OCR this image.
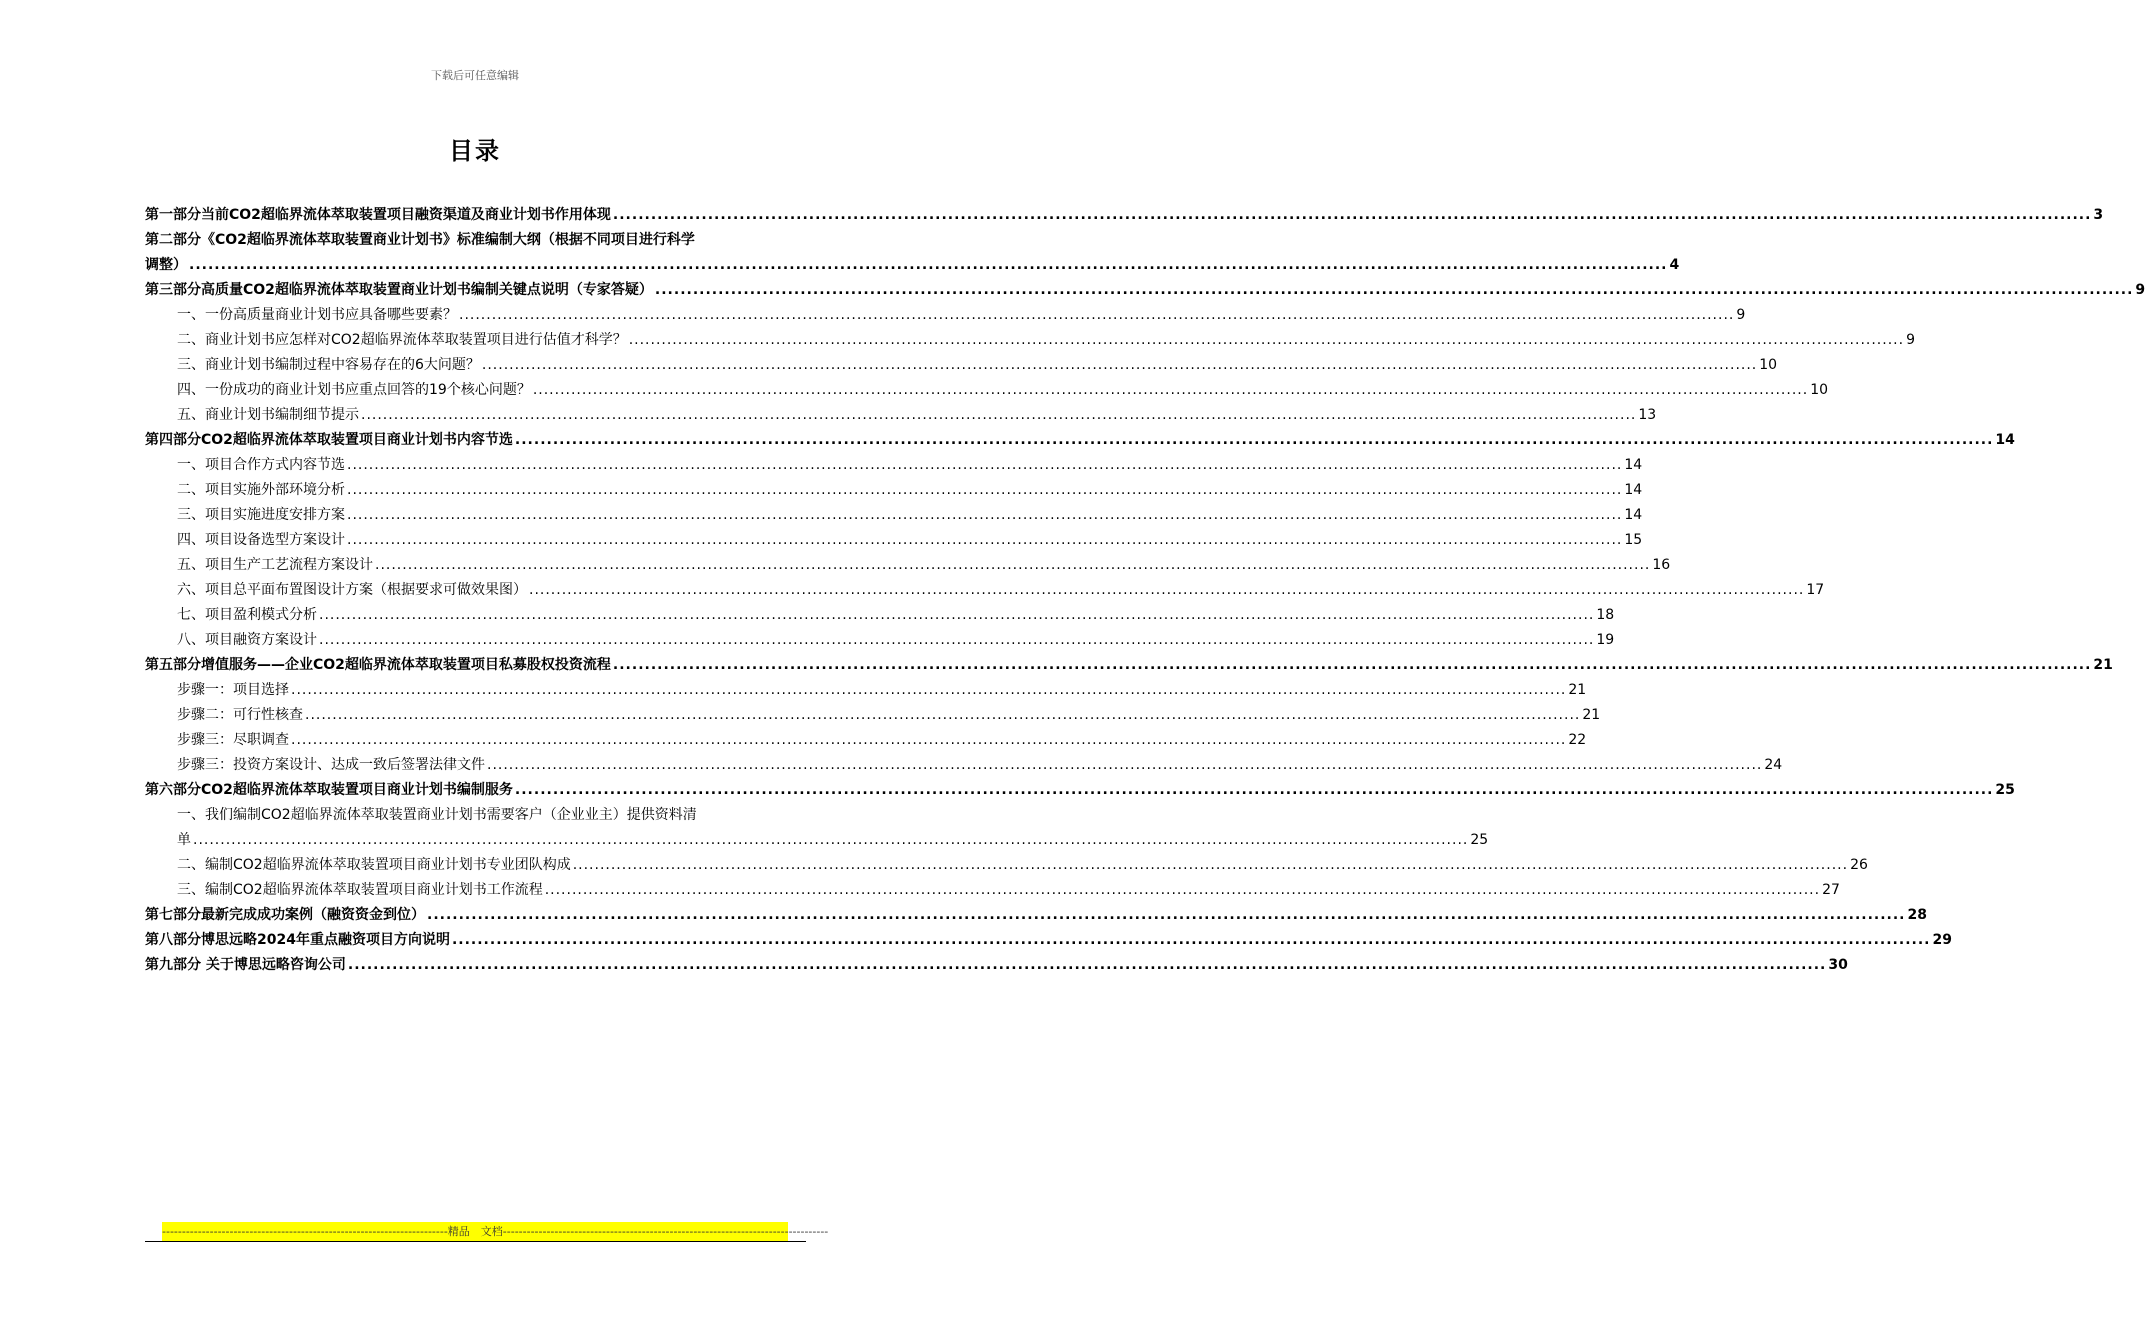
下载后可任意编辑
目录
第一部分当前CO2超临界流体萃取装置项目融资渠道及商业计划书作用体现 .....	3
第二部分《CO2超临界流体萃取装置商业计划书》标准编制大纲（根据不同项目进行科学
调整） .....	4
第三部分高质量CO2超临界流体萃取装置商业计划书编制关键点说明（专家答疑） .....	9
一、一份高质量商业计划书应具备哪些要素？ .....	9
二、商业计划书应怎样对CO2超临界流体萃取装置项目进行估值才科学？ .....	9
三、商业计划书编制过程中容易存在的6大问题？ .....	10
四、一份成功的商业计划书应重点回答的19个核心问题？ .....	10
五、商业计划书编制细节提示 .....	13
第四部分CO2超临界流体萃取装置项目商业计划书内容节选 .....	14
一、项目合作方式内容节选 .....	14
二、项目实施外部环境分析 .....	14
三、项目实施进度安排方案 .....	14
四、项目设备选型方案设计 .....	15
五、项目生产工艺流程方案设计 .....	16
六、项目总平面布置图设计方案（根据要求可做效果图） .....	17
七、项目盈利模式分析 .....	18
八、项目融资方案设计 .....	19
第五部分增值服务——企业CO2超临界流体萃取装置项目私募股权投资流程 .....	21
步骤一：项目选择 .....	21
步骤二：可行性核查 .....	21
步骤三：尽职调查 .....	22
步骤三：投资方案设计、达成一致后签署法律文件 .....	24
第六部分CO2超临界流体萃取装置项目商业计划书编制服务 .....	25
一、我们编制CO2超临界流体萃取装置商业计划书需要客户（企业业主）提供资料清
单 .....	25
二、编制CO2超临界流体萃取装置项目商业计划书专业团队构成 .....	26
三、编制CO2超临界流体萃取装置项目商业计划书工作流程 .....	27
第七部分最新完成成功案例（融资资金到位） .....	28
第八部分博思远略2024年重点融资项目方向说明 .....	29
第九部分 关于博思远略咨询公司 .....	30
------------------------------------------------------------------------精品　文档----------------------------------------------------------------------------------
